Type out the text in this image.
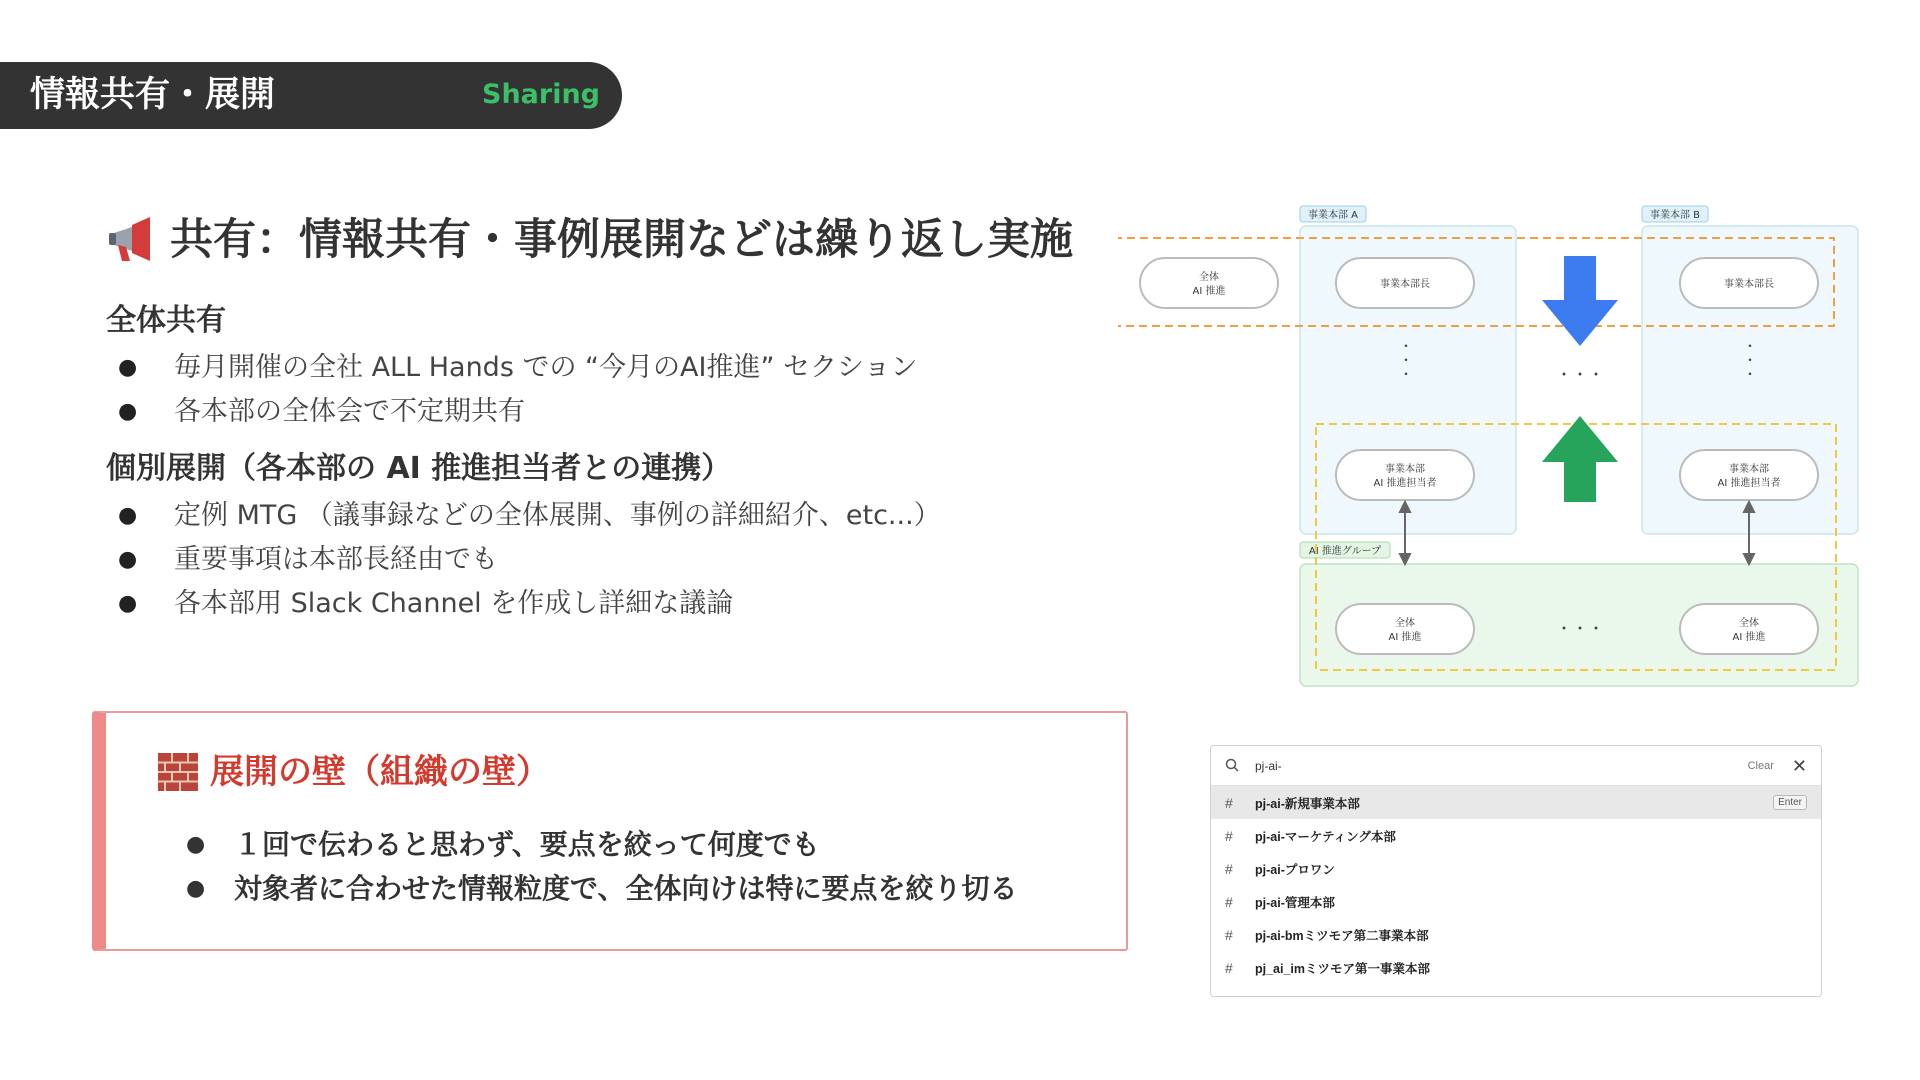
情報共有・展開	Sharing
共有：情報共有・事例展開などは繰り返し実施
全体共有
●	毎月開催の全社 ALL Hands での “今月のAI推進” セクション
●	各本部の全体会で不定期共有
個別展開（各本部の AI 推進担当者との連携）
●	定例 MTG （議事録などの全体展開、事例の詳細紹介、etc...）
●	重要事項は本部長経由でも
●	各本部用 Slack Channel を作成し詳細な議論
展開の壁（組織の壁）
●	１回で伝わると思わず、要点を絞って何度でも
●	対象者に合わせた情報粒度で、全体向けは特に要点を絞り切る
事業本部 A	事業本部 B
AI 推進グループ
全体
AI 推進
事業本部長	事業本部長
・・・	・・・
・・・
事業本部
AI 推進担当者
事業本部
AI 推進担当者
全体
AI 推進
全体
AI 推進
・・・
pj-ai-	Clear ✕
#	pj-ai-新規事業本部	Enter
#	pj-ai-マーケティング本部
#	pj-ai-プロワン
#	pj-ai-管理本部
#	pj-ai-bmミツモア第二事業本部
#	pj_ai_imミツモア第一事業本部
